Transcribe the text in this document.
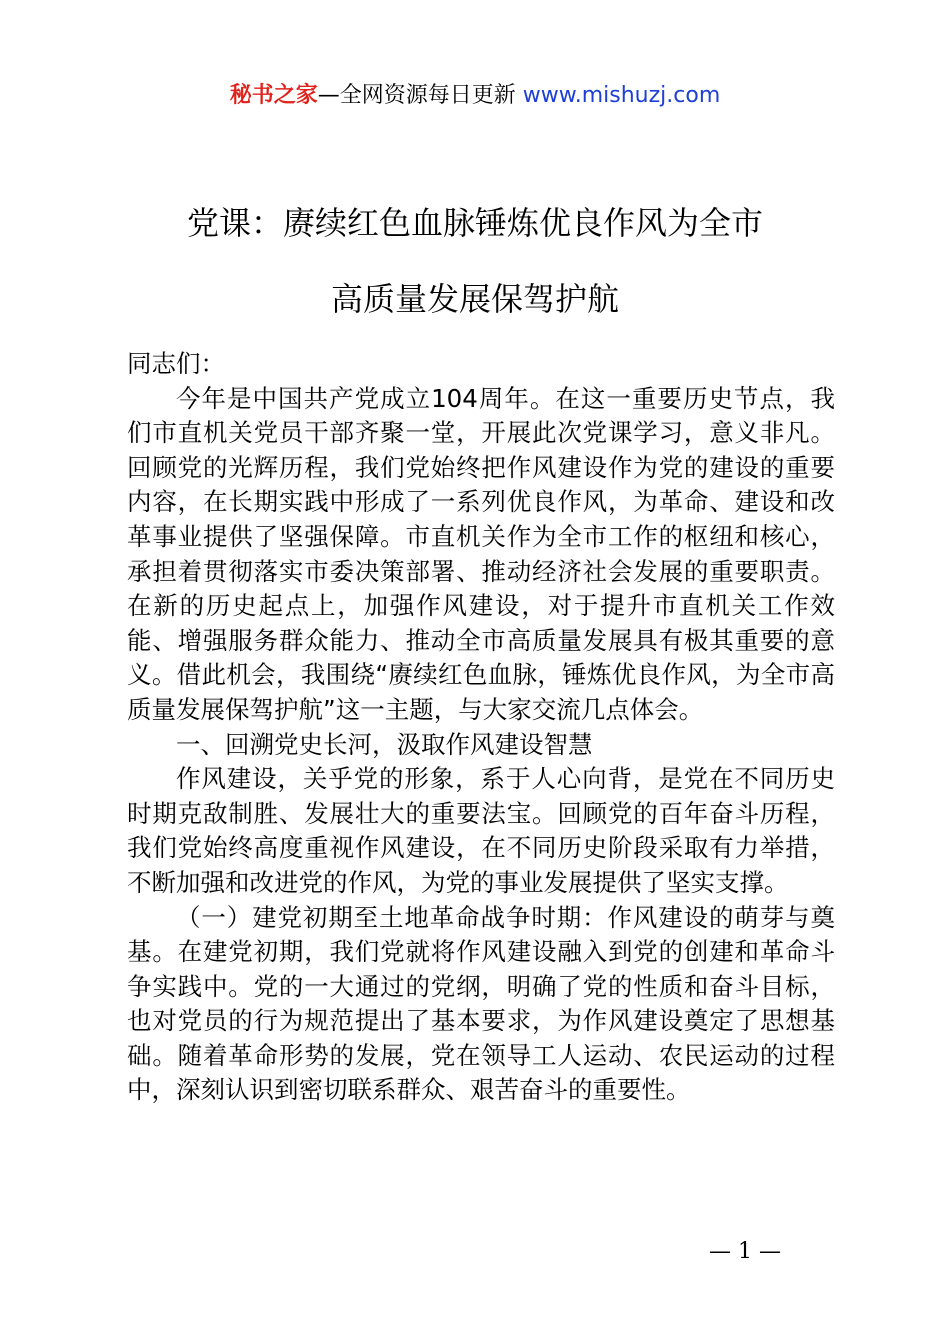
秘书之家—全网资源每日更新 www.mishuzj.com
党课：赓续红色血脉锤炼优良作风为全市
高质量发展保驾护航

同志们：

今年是中国共产党成立104周年。在这一重要历史节点，我们市直机关党员干部齐聚一堂，开展此次党课学习，意义非凡。回顾党的光辉历程，我们党始终把作风建设作为党的建设的重要内容，在长期实践中形成了一系列优良作风，为革命、建设和改革事业提供了坚强保障。市直机关作为全市工作的枢纽和核心，承担着贯彻落实市委决策部署、推动经济社会发展的重要职责。在新的历史起点上，加强作风建设，对于提升市直机关工作效能、增强服务群众能力、推动全市高质量发展具有极其重要的意义。借此机会，我围绕“赓续红色血脉，锤炼优良作风，为全市高质量发展保驾护航”这一主题，与大家交流几点体会。

一、回溯党史长河，汲取作风建设智慧

作风建设，关乎党的形象，系于人心向背，是党在不同历史时期克敌制胜、发展壮大的重要法宝。回顾党的百年奋斗历程，我们党始终高度重视作风建设，在不同历史阶段采取有力举措，不断加强和改进党的作风，为党的事业发展提供了坚实支撑。

（一）建党初期至土地革命战争时期：作风建设的萌芽与奠基。在建党初期，我们党就将作风建设融入到党的创建和革命斗争实践中。党的一大通过的党纲，明确了党的性质和奋斗目标，也对党员的行为规范提出了基本要求，为作风建设奠定了思想基础。随着革命形势的发展，党在领导工人运动、农民运动的过程中，深刻认识到密切联系群众、艰苦奋斗的重要性。

— 1 —
